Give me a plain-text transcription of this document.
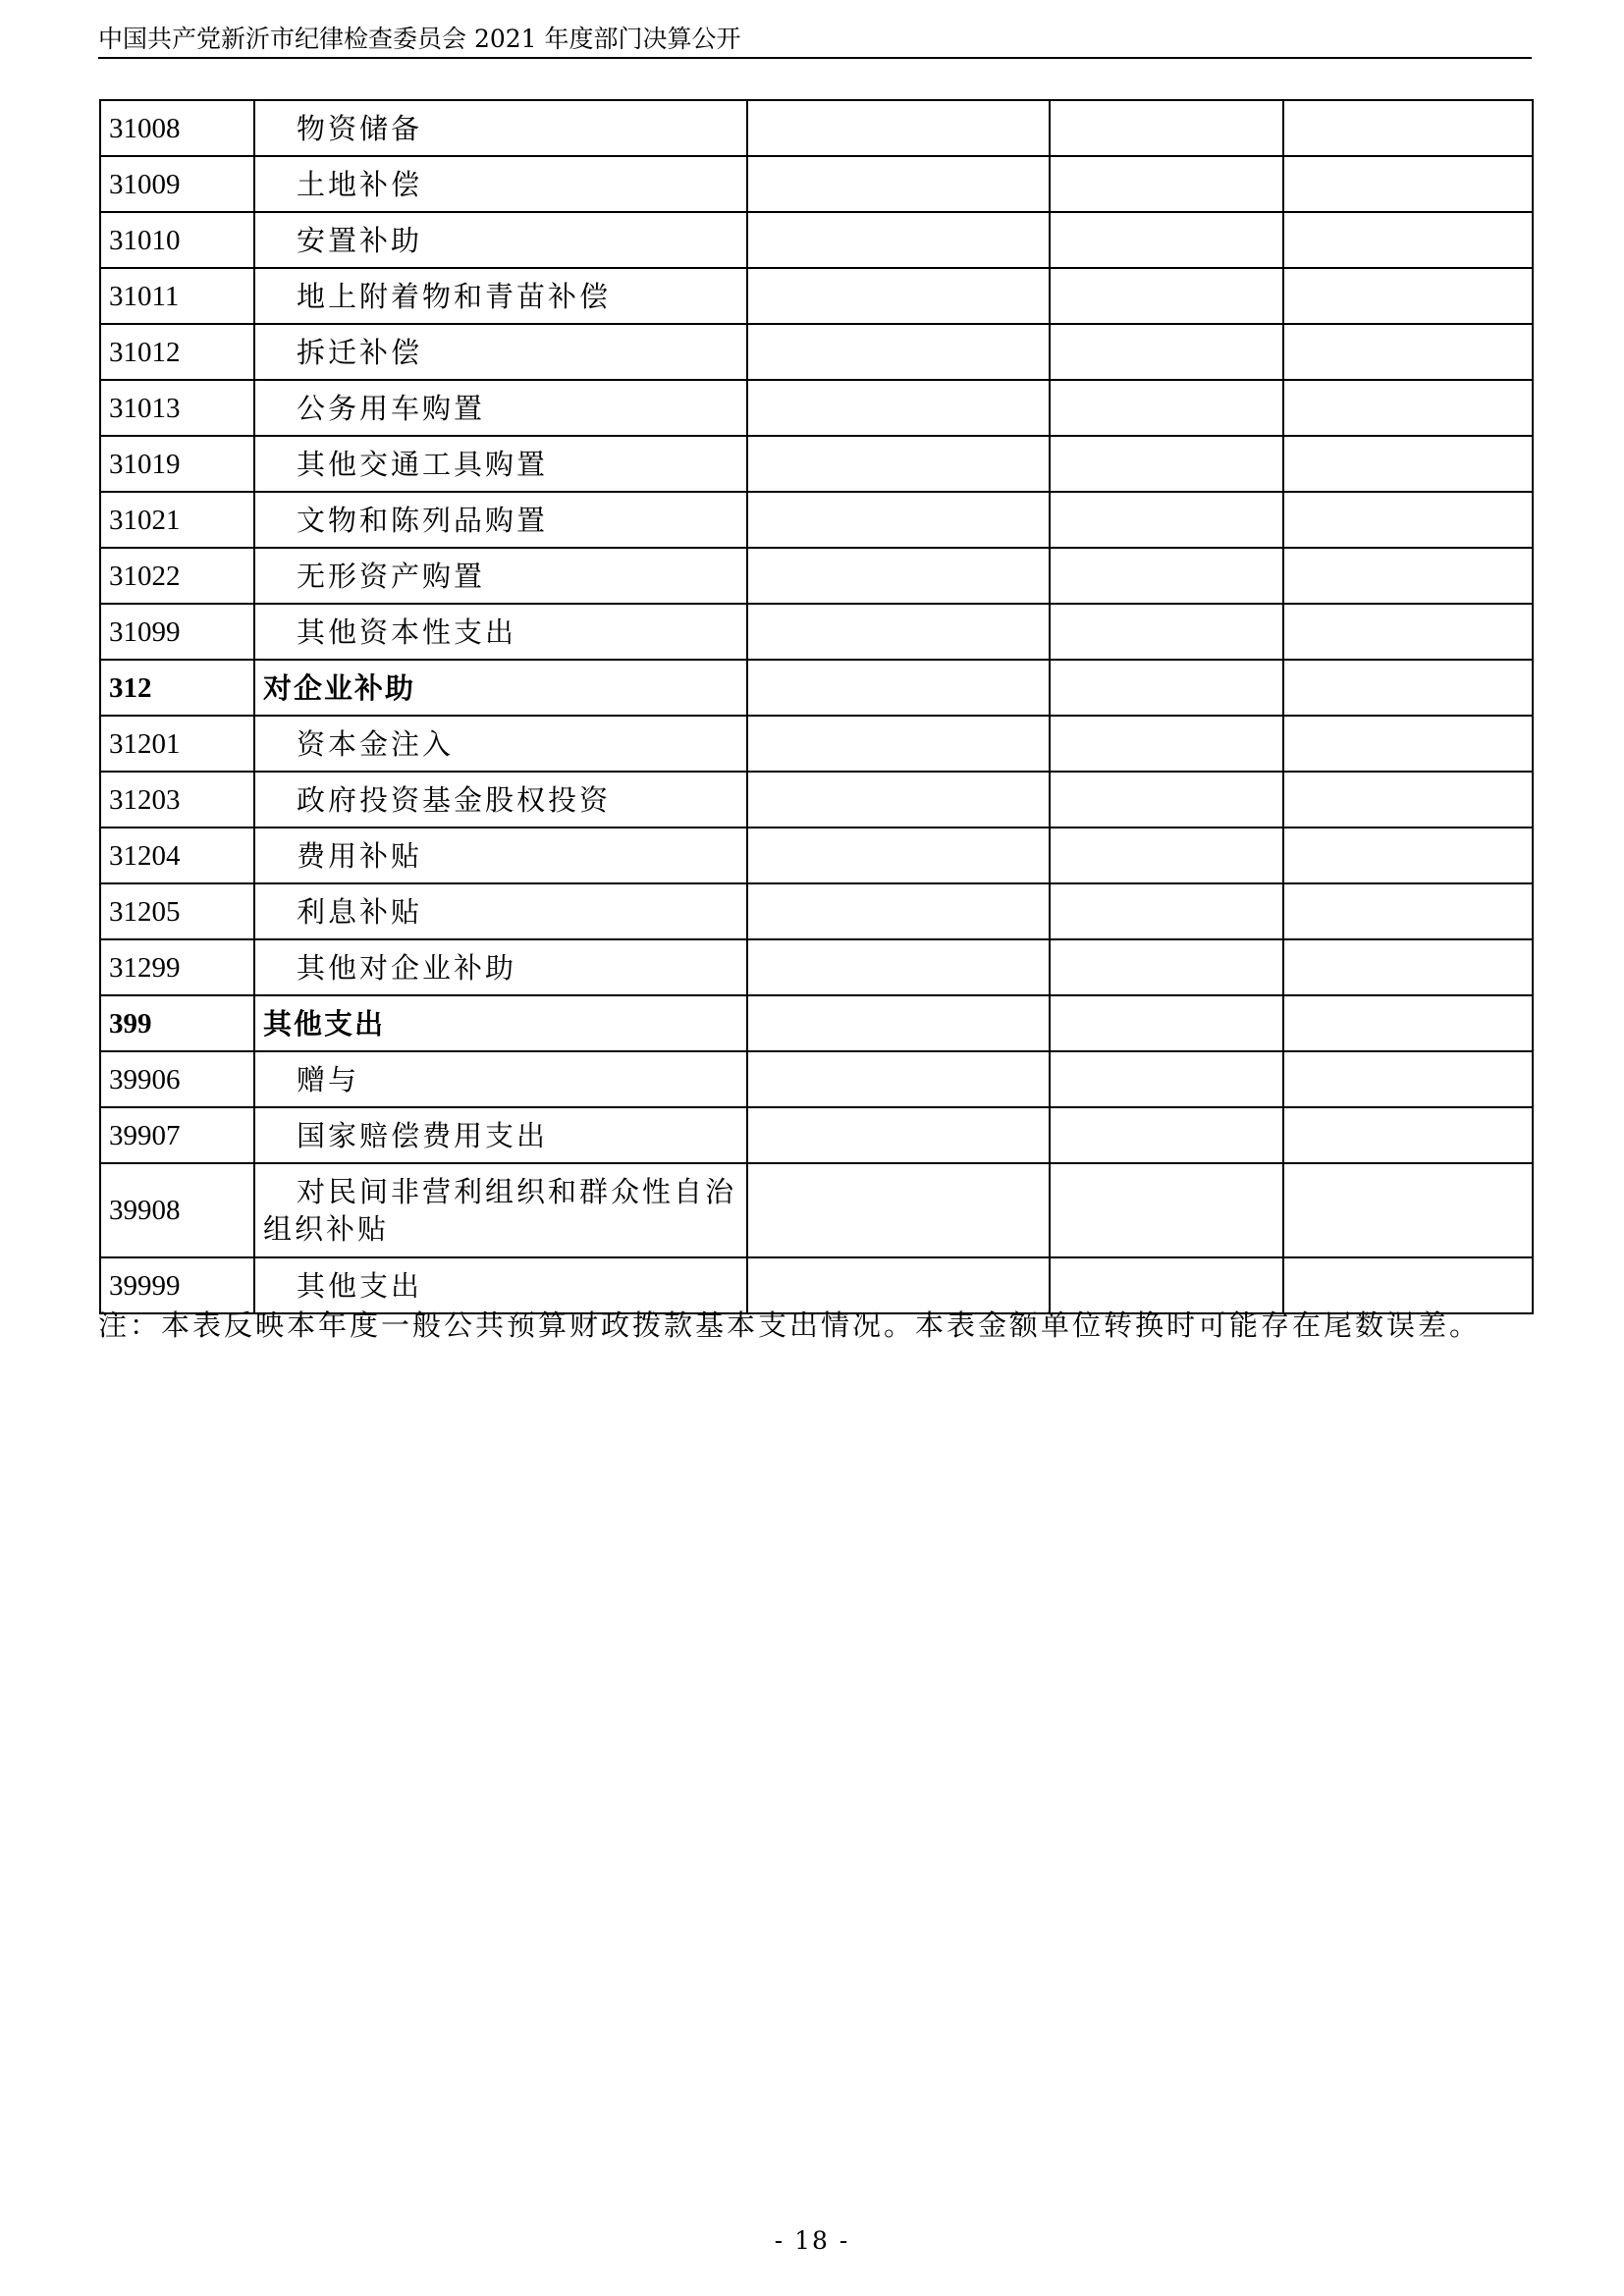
中国共产党新沂市纪律检查委员会 2021 年度部门决算公开
31008	物资储备			
31009	土地补偿			
31010	安置补助			
31011	地上附着物和青苗补偿			
31012	拆迁补偿			
31013	公务用车购置			
31019	其他交通工具购置			
31021	文物和陈列品购置			
31022	无形资产购置			
31099	其他资本性支出			
312	对企业补助			
31201	资本金注入			
31203	政府投资基金股权投资			
31204	费用补贴			
31205	利息补贴			
31299	其他对企业补助			
399	其他支出			
39906	赠与			
39907	国家赔偿费用支出			
39908	对民间非营利组织和群众性自治
组织补贴			
39999	其他支出			
注：本表反映本年度一般公共预算财政拨款基本支出情况。本表金额单位转换时可能存在尾数误差。
- 18 -
